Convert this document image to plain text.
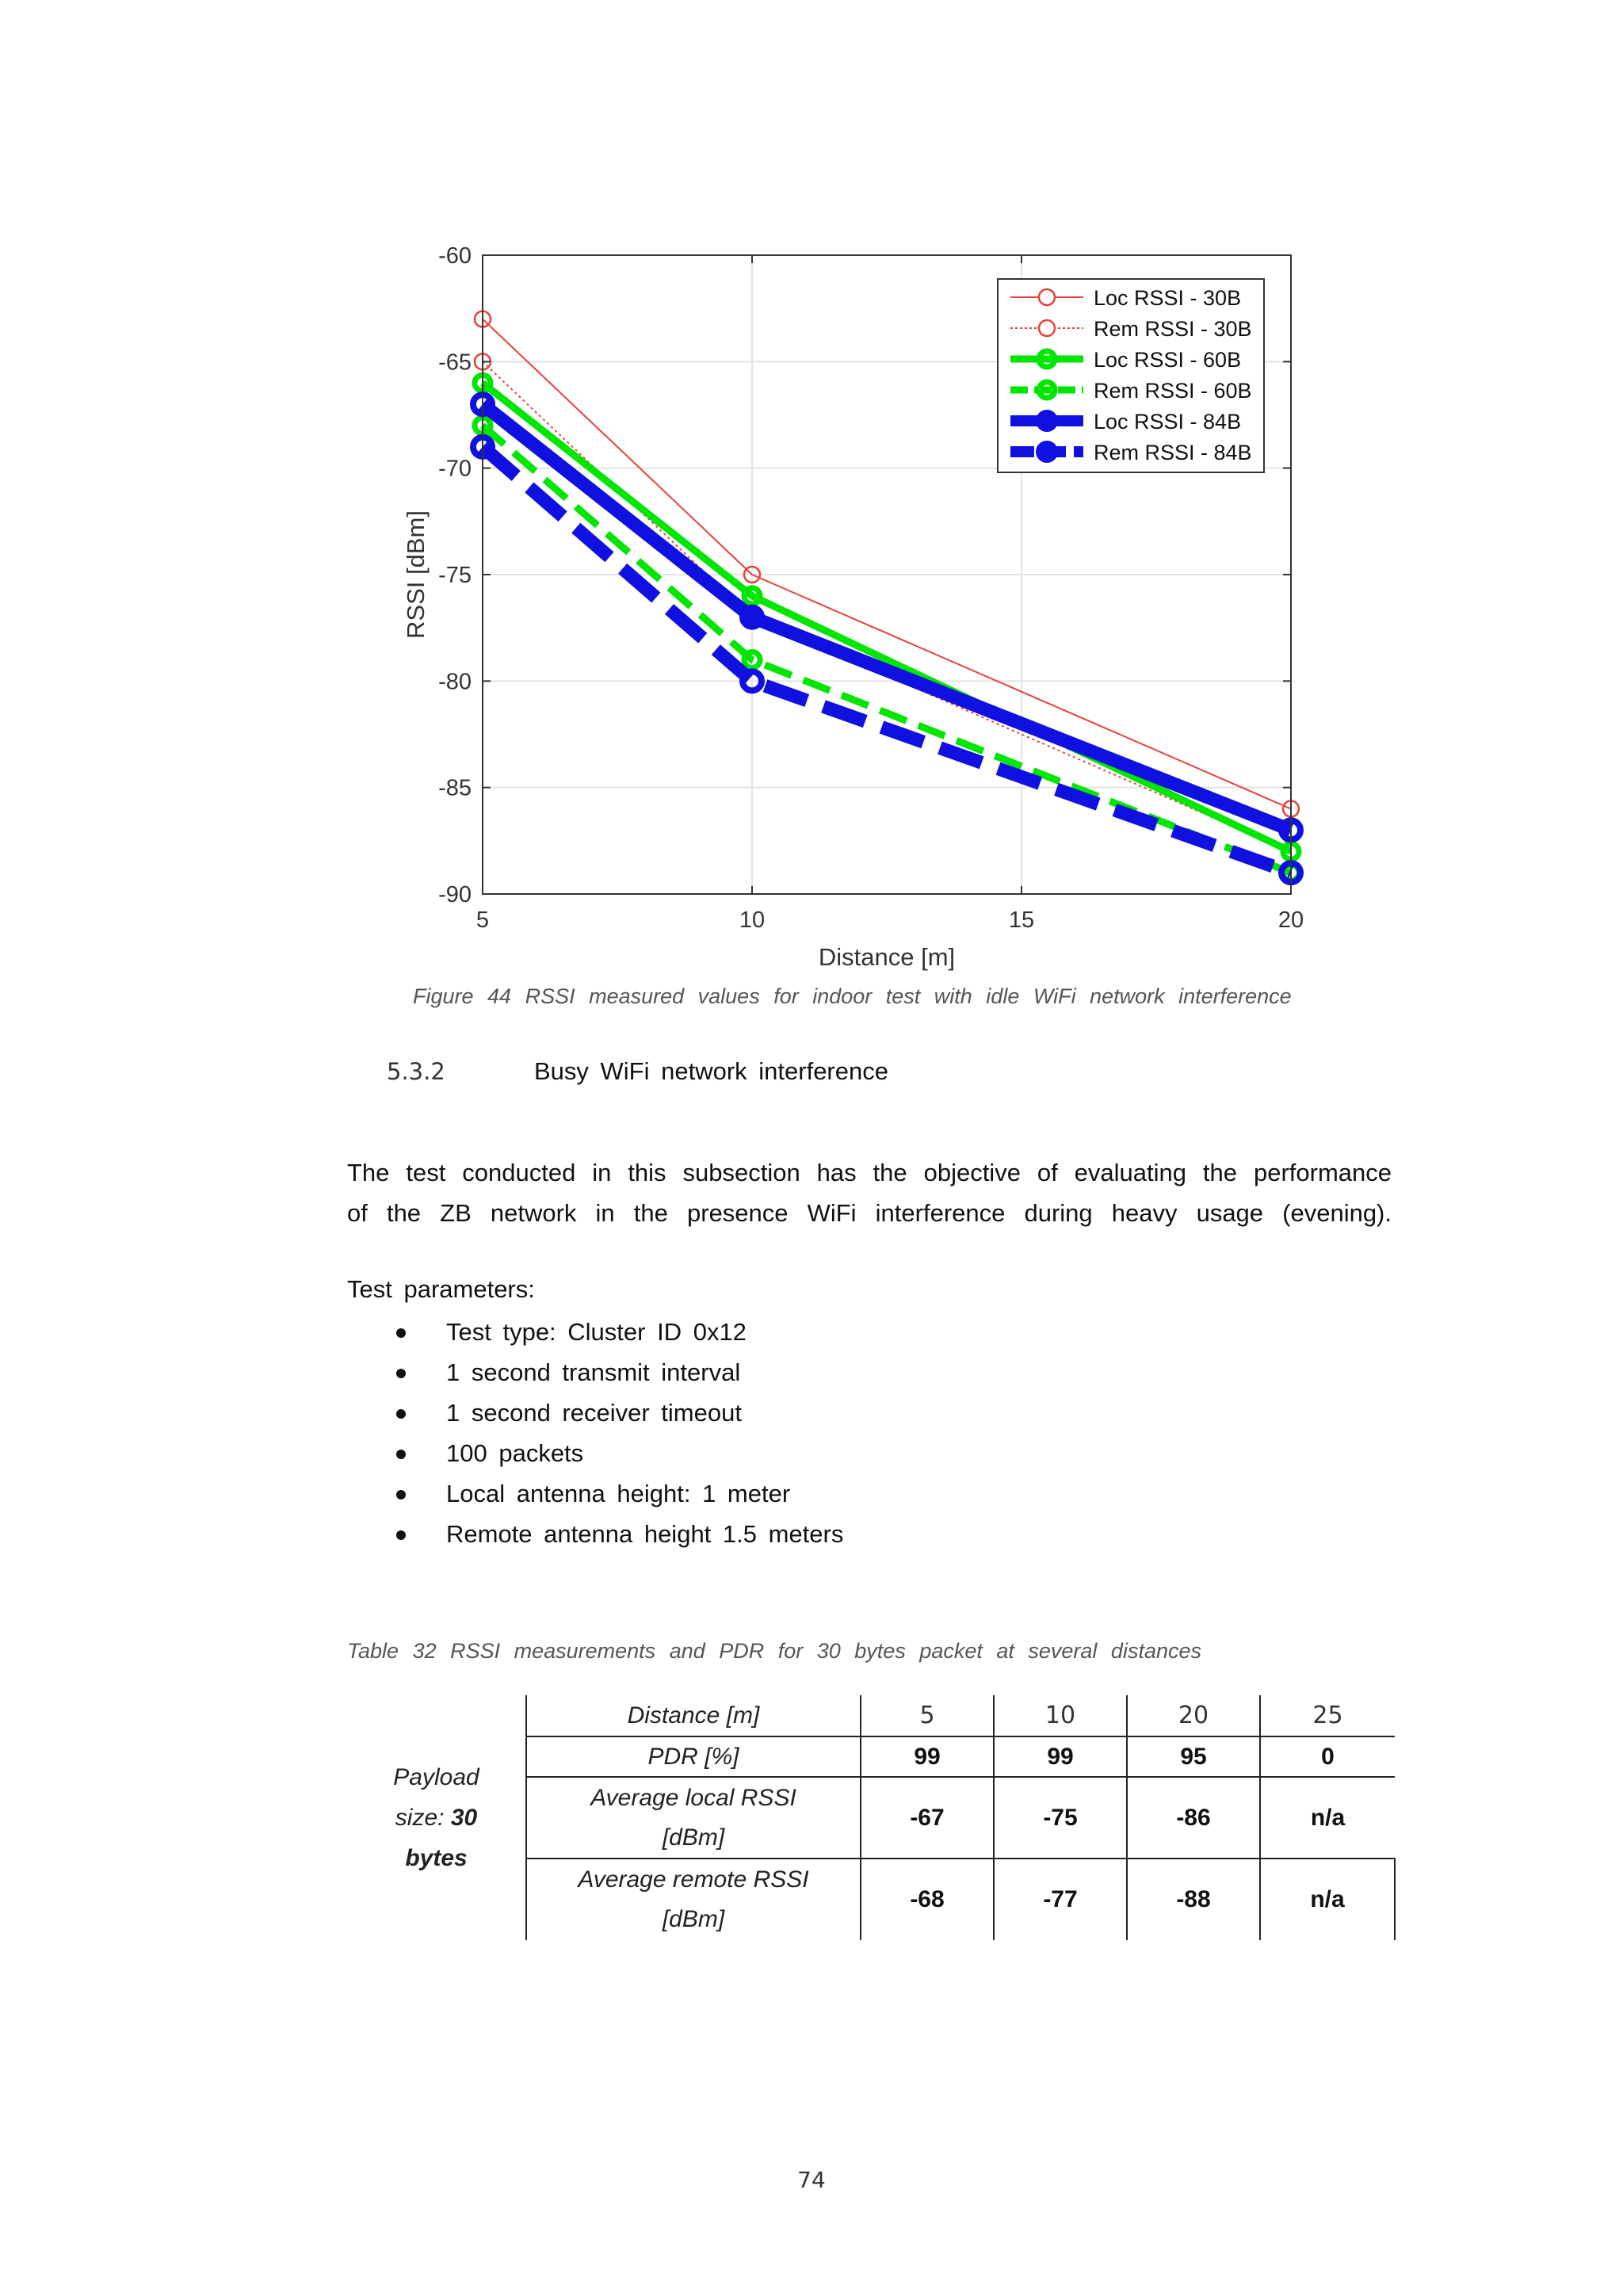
5	10	15	20
-60
-65
-70
-75
-80
-85
-90
Distance [m]
RSSI [dBm]
Loc RSSI - 30B
Rem RSSI - 30B
Loc RSSI - 60B
Rem RSSI - 60B
Loc RSSI - 84B
Rem RSSI - 84B
Figure 44 RSSI measured values for indoor test with idle WiFi network interference
5.3.2	Busy WiFi network interference
The test conducted in this subsection has the objective of evaluating the performance
of the ZB network in the presence WiFi interference during heavy usage (evening).
Test parameters:
Test type: Cluster ID 0x12
1 second transmit interval
1 second receiver timeout
100 packets
Local antenna height: 1 meter
Remote antenna height 1.5 meters
Table 32 RSSI measurements and PDR for 30 bytes packet at several distances
Payload
size: 30
bytes	Distance [m]	5	10	20	25
	PDR [%]	99	99	95	0

	Average local RSSI
[dBm]	-67	-75	-86	n/a

	Average remote RSSI
[dBm]	-68	-77	-88	n/a
74
